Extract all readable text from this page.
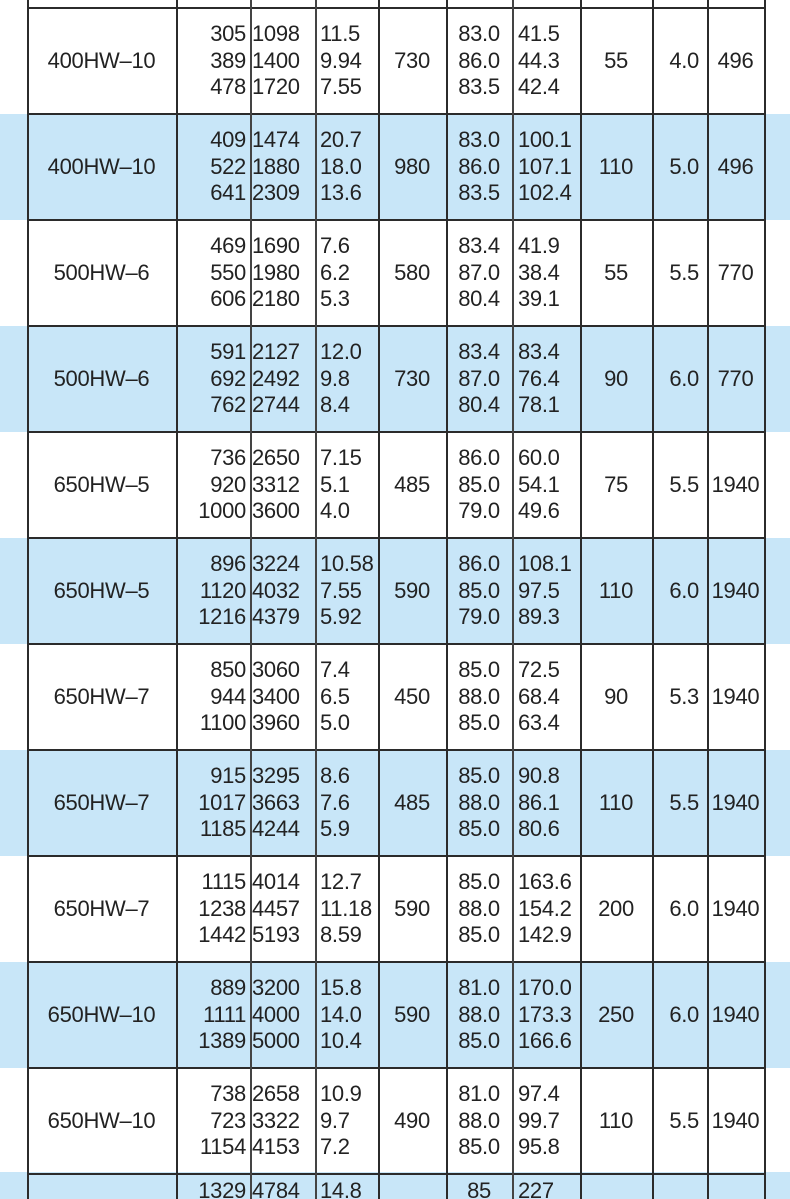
400HW–10
305
389
478
1098
1400
1720
11.5
9.94
7.55
730
83.0
86.0
83.5
41.5
44.3
42.4
55 4.0 496
400HW–10
409
522
641
1474
1880
2309
20.7
18.0
13.6
980
83.0
86.0
83.5
100.1
107.1
102.4
110 5.0 496
500HW–6
469
550
606
1690
1980
2180
7.6
6.2
5.3
580
83.4
87.0
80.4
41.9
38.4
39.1
55 5.5 770
500HW–6
591
692
762
2127
2492
2744
12.0
9.8
8.4
730
83.4
87.0
80.4
83.4
76.4
78.1
90 6.0 770
650HW–5
736
920
1000
2650
3312
3600
7.15
5.1
4.0
485
86.0
85.0
79.0
60.0
54.1
49.6
75 5.5 1940
650HW–5
896
1120
1216
3224
4032
4379
10.58
7.55
5.92
590
86.0
85.0
79.0
108.1
97.5
89.3
110 6.0 1940
650HW–7
850
944
1100
3060
3400
3960
7.4
6.5
5.0
450
85.0
88.0
85.0
72.5
68.4
63.4
90 5.3 1940
650HW–7
915
1017
1185
3295
3663
4244
8.6
7.6
5.9
485
85.0
88.0
85.0
90.8
86.1
80.6
110 5.5 1940
650HW–7
1115
1238
1442
4014
4457
5193
12.7
11.18
8.59
590
85.0
88.0
85.0
163.6
154.2
142.9
200 6.0 1940
650HW–10
889
1111
1389
3200
4000
5000
15.8
14.0
10.4
590
81.0
88.0
85.0
170.0
173.3
166.6
250 6.0 1940
650HW–10
738
723
1154
2658
3322
4153
10.9
9.7
7.2
490
81.0
88.0
85.0
97.4
99.7
95.8
110 5.5 1940
1329 4784 14.8	85 227
